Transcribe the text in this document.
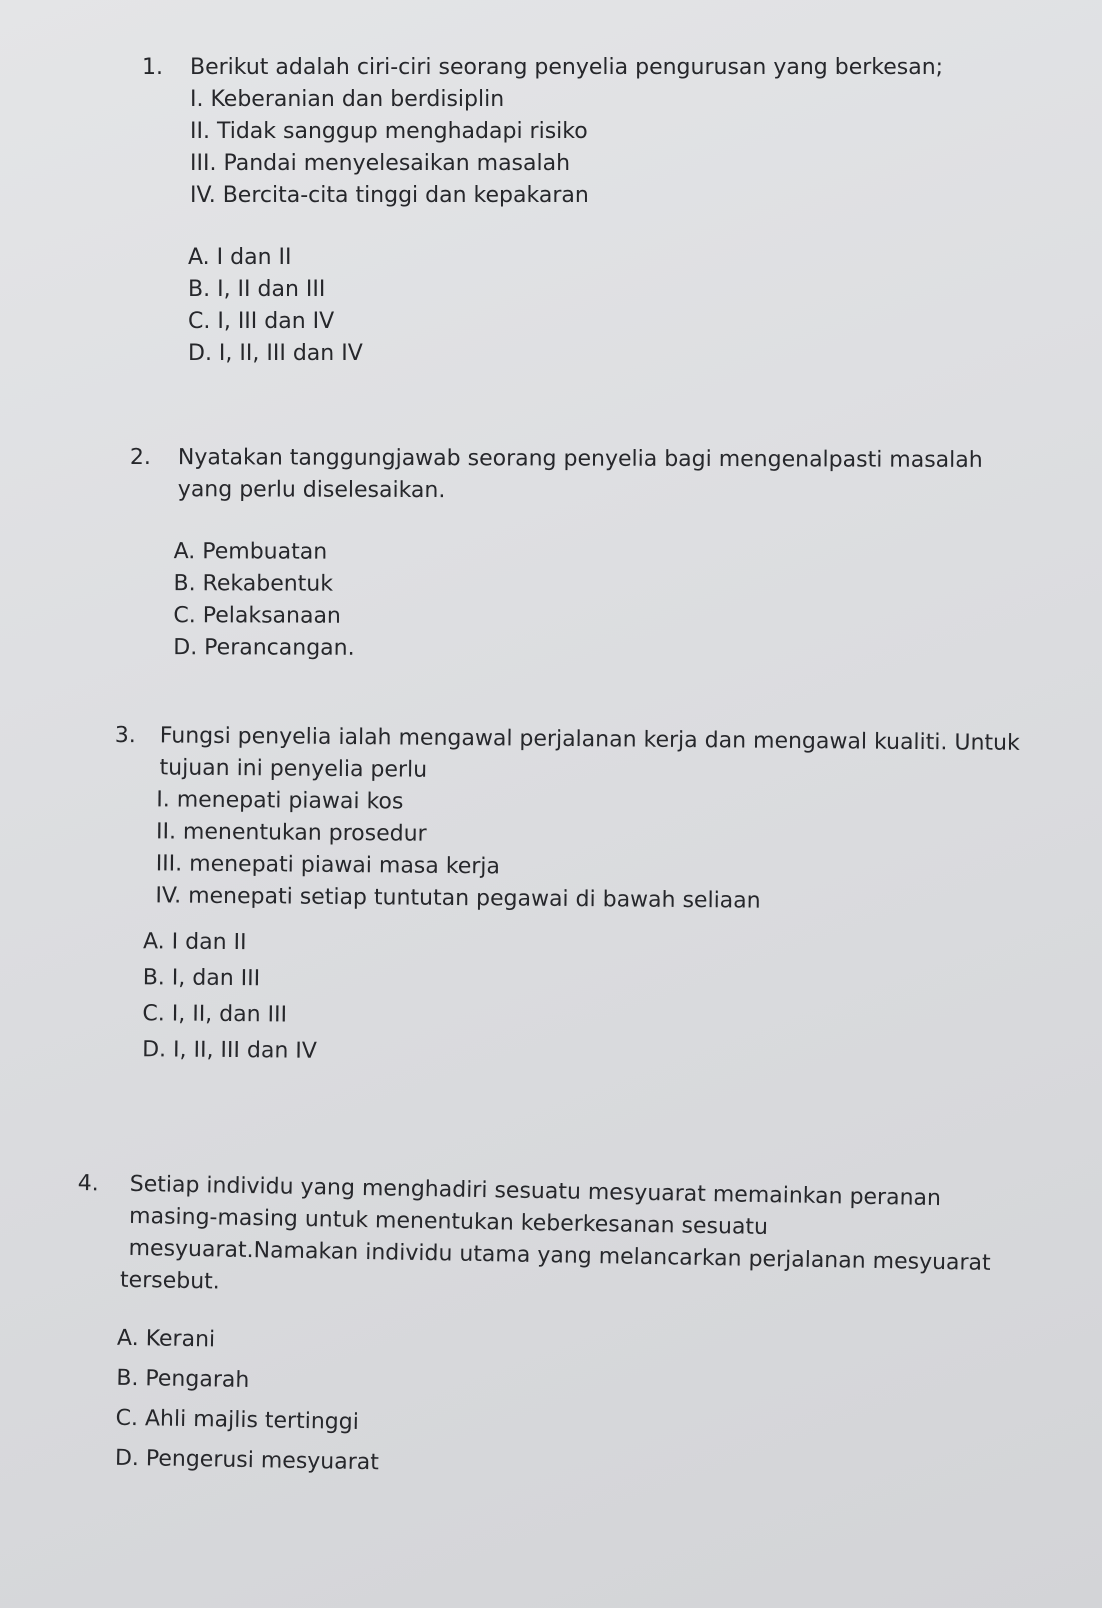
1.	Berikut adalah ciri-ciri seorang penyelia pengurusan yang berkesan;
I. Keberanian dan berdisiplin
II. Tidak sanggup menghadapi risiko
III. Pandai menyelesaikan masalah
IV. Bercita-cita tinggi dan kepakaran
A. I dan II
B. I, II dan III
C. I, III dan IV
D. I, II, III dan IV
2.	Nyatakan tanggungjawab seorang penyelia bagi mengenalpasti masalah
yang perlu diselesaikan.
A. Pembuatan
B. Rekabentuk
C. Pelaksanaan
D. Perancangan.
3.	Fungsi penyelia ialah mengawal perjalanan kerja dan mengawal kualiti. Untuk
tujuan ini penyelia perlu
I. menepati piawai kos
II. menentukan prosedur
III. menepati piawai masa kerja
IV. menepati setiap tuntutan pegawai di bawah seliaan
A. I dan II
B. I, dan III
C. I, II, dan III
D. I, II, III dan IV
4.	Setiap individu yang menghadiri sesuatu mesyuarat memainkan peranan
masing-masing untuk menentukan keberkesanan sesuatu
mesyuarat.Namakan individu utama yang melancarkan perjalanan mesyuarat
tersebut.
A. Kerani
B. Pengarah
C. Ahli majlis tertinggi
D. Pengerusi mesyuarat
